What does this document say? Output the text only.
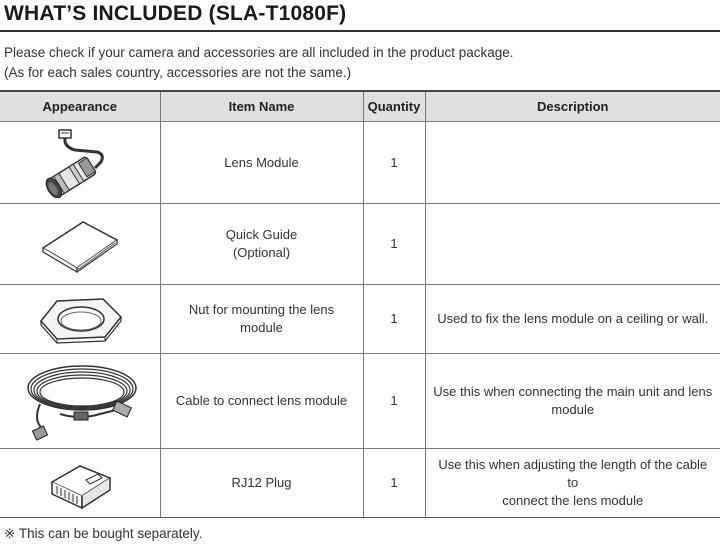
WHAT’S INCLUDED (SLA-T1080F)
Please check if your camera and accessories are all included in the product package.
(As for each sales country, accessories are not the same.)
Appearance	Item Name	Quantity	Description

Lens Module	1	

Quick Guide
(Optional)	1	

Nut for mounting the lens module	1	Used to fix the lens module on a ceiling or wall.

Cable to connect lens module	1	Use this when connecting the main unit and lens
module

RJ12 Plug	1	Use this when adjusting the length of the cable to
connect the lens module
※ This can be bought separately.
